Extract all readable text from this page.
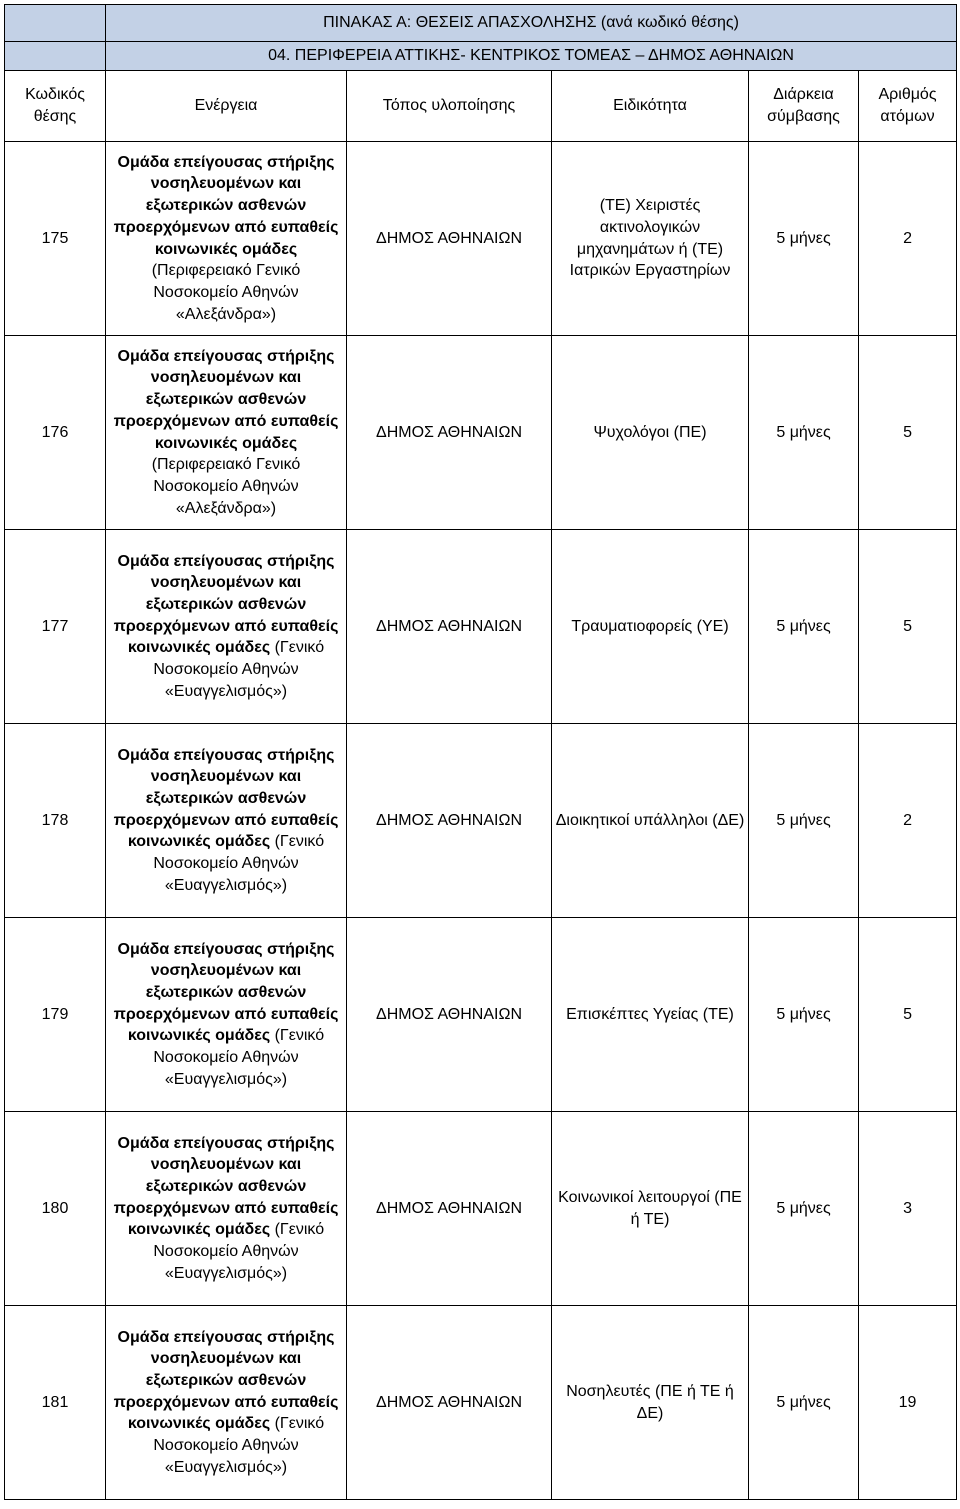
	ΠΙΝΑΚΑΣ Α: ΘΕΣΕΙΣ ΑΠΑΣΧΟΛΗΣΗΣ (ανά κωδικό θέσης)				
	04. ΠΕΡΙΦΕΡΕΙΑ ΑΤΤΙΚΗΣ- ΚΕΝΤΡΙΚΟΣ ΤΟΜΕΑΣ – ΔΗΜΟΣ ΑΘΗΝΑΙΩΝ				
Κωδικός θέσης	Ενέργεια	Τόπος υλοποίησης	Ειδικότητα	Διάρκεια σύμβασης	Αριθμός ατόμων
175	Ομάδα επείγουσας στήριξης νοσηλευομένων και εξωτερικών ασθενών προερχόμενων από ευπαθείς κοινωνικές ομάδες (Περιφερειακό Γενικό Νοσοκομείο Αθηνών «Αλεξάνδρα»)	ΔΗΜΟΣ ΑΘΗΝΑΙΩΝ	(ΤΕ) Χειριστές ακτινολογικών μηχανημάτων ή (ΤΕ) Ιατρικών Εργαστηρίων	5 μήνες	2
176	Ομάδα επείγουσας στήριξης νοσηλευομένων και εξωτερικών ασθενών προερχόμενων από ευπαθείς κοινωνικές ομάδες (Περιφερειακό Γενικό Νοσοκομείο Αθηνών «Αλεξάνδρα»)	ΔΗΜΟΣ ΑΘΗΝΑΙΩΝ	Ψυχολόγοι (ΠΕ)	5 μήνες	5
177	Ομάδα επείγουσας στήριξης νοσηλευομένων και εξωτερικών ασθενών προερχόμενων από ευπαθείς κοινωνικές ομάδες (Γενικό Νοσοκομείο Αθηνών «Ευαγγελισμός»)	ΔΗΜΟΣ ΑΘΗΝΑΙΩΝ	Τραυματιοφορείς (ΥΕ)	5 μήνες	5
178	Ομάδα επείγουσας στήριξης νοσηλευομένων και εξωτερικών ασθενών προερχόμενων από ευπαθείς κοινωνικές ομάδες (Γενικό Νοσοκομείο Αθηνών «Ευαγγελισμός»)	ΔΗΜΟΣ ΑΘΗΝΑΙΩΝ	Διοικητικοί υπάλληλοι (ΔΕ)	5 μήνες	2
179	Ομάδα επείγουσας στήριξης νοσηλευομένων και εξωτερικών ασθενών προερχόμενων από ευπαθείς κοινωνικές ομάδες (Γενικό Νοσοκομείο Αθηνών «Ευαγγελισμός»)	ΔΗΜΟΣ ΑΘΗΝΑΙΩΝ	Επισκέπτες Υγείας (ΤΕ)	5 μήνες	5
180	Ομάδα επείγουσας στήριξης νοσηλευομένων και εξωτερικών ασθενών προερχόμενων από ευπαθείς κοινωνικές ομάδες (Γενικό Νοσοκομείο Αθηνών «Ευαγγελισμός»)	ΔΗΜΟΣ ΑΘΗΝΑΙΩΝ	Κοινωνικοί λειτουργοί (ΠΕ ή ΤΕ)	5 μήνες	3
181	Ομάδα επείγουσας στήριξης νοσηλευομένων και εξωτερικών ασθενών προερχόμενων από ευπαθείς κοινωνικές ομάδες (Γενικό Νοσοκομείο Αθηνών «Ευαγγελισμός»)	ΔΗΜΟΣ ΑΘΗΝΑΙΩΝ	Νοσηλευτές (ΠΕ ή ΤΕ ή ΔΕ)	5 μήνες	19
